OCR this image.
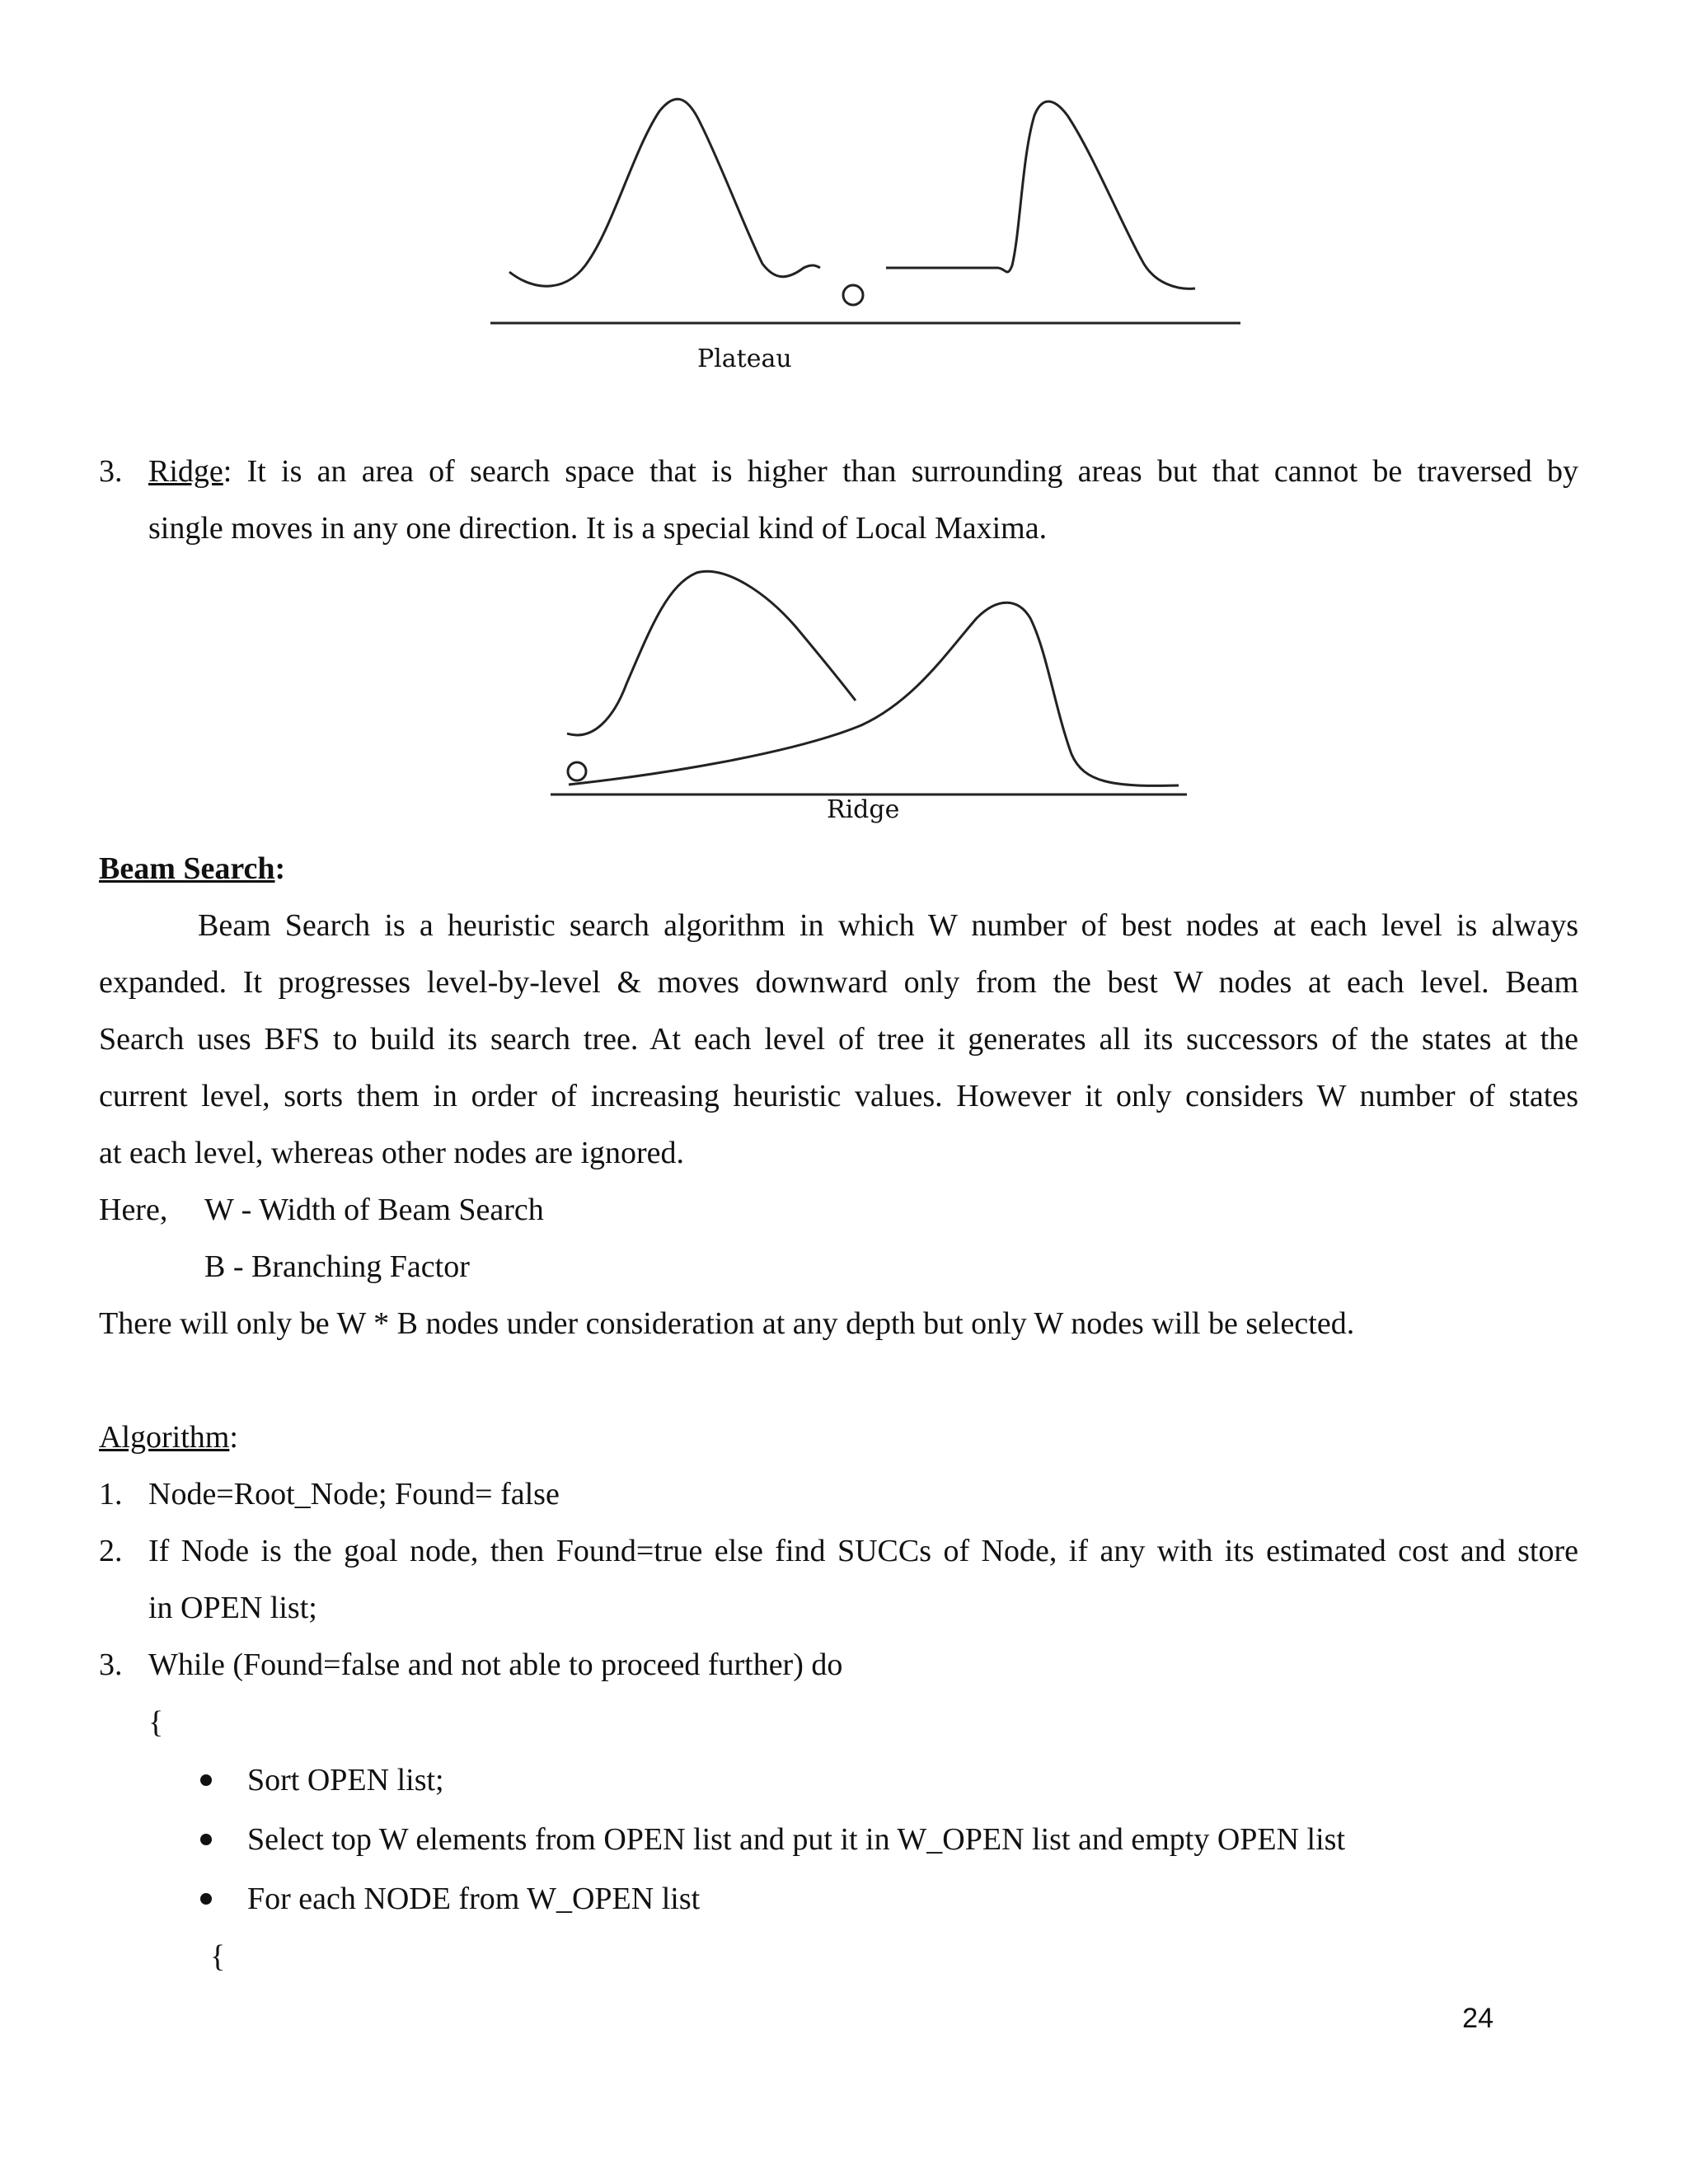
Plateau
3. Ridge: It is an area of search space that is higher than surrounding areas but that cannot be traversed by
single moves in any one direction. It is a special kind of Local Maxima.
Ridge
Beam Search:
Beam Search is a heuristic search algorithm in which W number of best nodes at each level is always
expanded. It progresses level-by-level & moves downward only from the best W nodes at each level. Beam
Search uses BFS to build its search tree. At each level of tree it generates all its successors of the states at the
current level, sorts them in order of increasing heuristic values. However it only considers W number of states
at each level, whereas other nodes are ignored.
Here, W - Width of Beam Search
B - Branching Factor
There will only be W * B nodes under consideration at any depth but only W nodes will be selected.
Algorithm:
1. Node=Root_Node; Found= false
2. If Node is the goal node, then Found=true else find SUCCs of Node, if any with its estimated cost and store
in OPEN list;
3. While (Found=false and not able to proceed further) do
{
Sort OPEN list;
Select top W elements from OPEN list and put it in W_OPEN list and empty OPEN list
For each NODE from W_OPEN list
{
24
